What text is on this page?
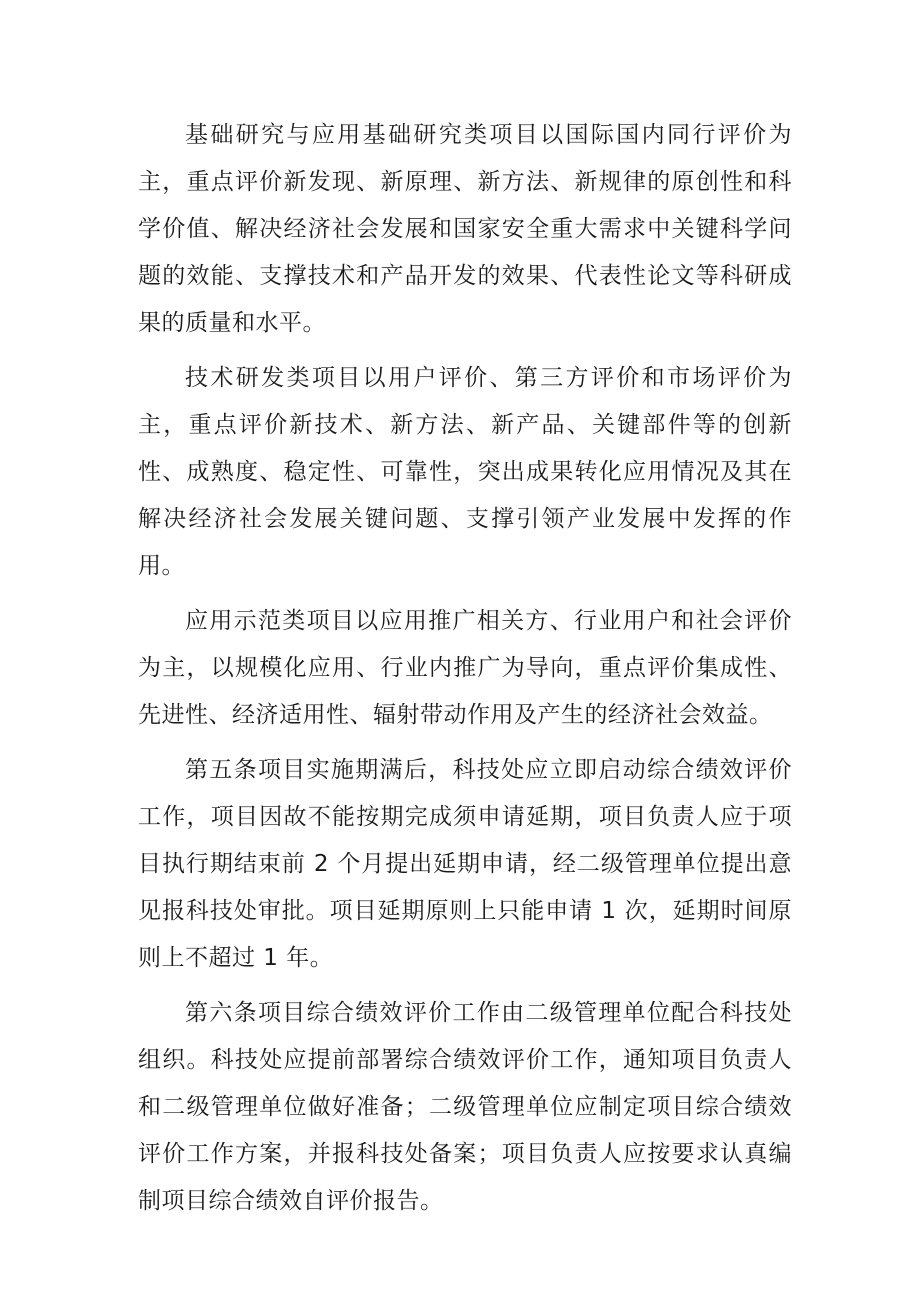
基础研究与应用基础研究类项目以国际国内同行评价为主，重点评价新发现、新原理、新方法、新规律的原创性和科学价值、解决经济社会发展和国家安全重大需求中关键科学问题的效能、支撑技术和产品开发的效果、代表性论文等科研成果的质量和水平。

技术研发类项目以用户评价、第三方评价和市场评价为主，重点评价新技术、新方法、新产品、关键部件等的创新性、成熟度、稳定性、可靠性，突出成果转化应用情况及其在解决经济社会发展关键问题、支撑引领产业发展中发挥的作用。

应用示范类项目以应用推广相关方、行业用户和社会评价为主，以规模化应用、行业内推广为导向，重点评价集成性、先进性、经济适用性、辐射带动作用及产生的经济社会效益。

第五条项目实施期满后，科技处应立即启动综合绩效评价工作，项目因故不能按期完成须申请延期，项目负责人应于项目执行期结束前 2 个月提出延期申请，经二级管理单位提出意见报科技处审批。项目延期原则上只能申请 1 次，延期时间原则上不超过 1 年。

第六条项目综合绩效评价工作由二级管理单位配合科技处组织。科技处应提前部署综合绩效评价工作，通知项目负责人和二级管理单位做好准备；二级管理单位应制定项目综合绩效评价工作方案，并报科技处备案；项目负责人应按要求认真编制项目综合绩效自评价报告。
